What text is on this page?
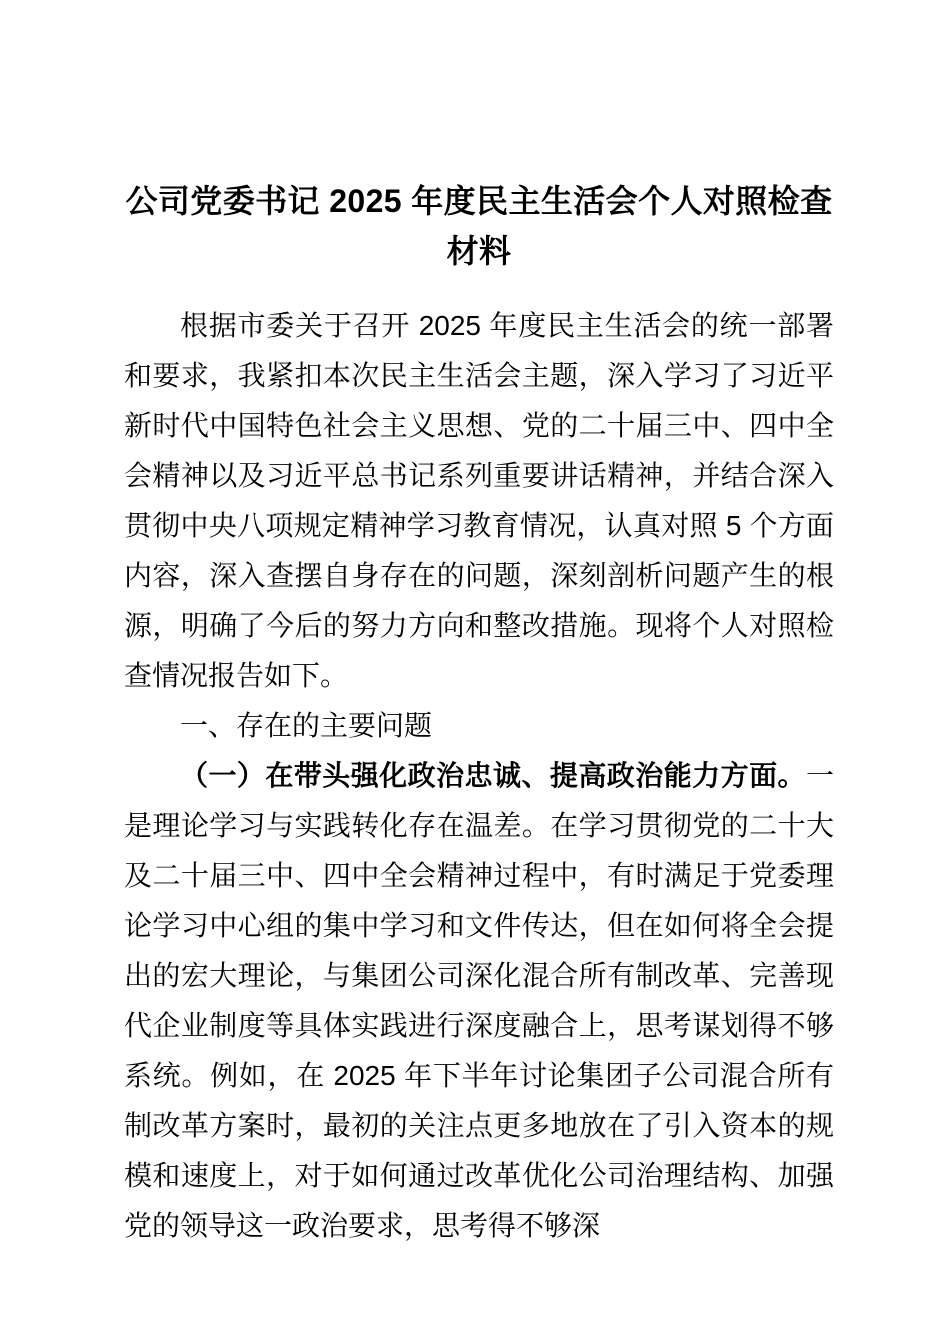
公司党委书记 2025 年度民主生活会个人对照检查材料

根据市委关于召开 2025 年度民主生活会的统一部署和要求，我紧扣本次民主生活会主题，深入学习了习近平新时代中国特色社会主义思想、党的二十届三中、四中全会精神以及习近平总书记系列重要讲话精神，并结合深入贯彻中央八项规定精神学习教育情况，认真对照 5 个方面内容，深入查摆自身存在的问题，深刻剖析问题产生的根源，明确了今后的努力方向和整改措施。现将个人对照检查情况报告如下。

一、存在的主要问题

（一）在带头强化政治忠诚、提高政治能力方面。一是理论学习与实践转化存在温差。在学习贯彻党的二十大及二十届三中、四中全会精神过程中，有时满足于党委理论学习中心组的集中学习和文件传达，但在如何将全会提出的宏大理论，与集团公司深化混合所有制改革、完善现代企业制度等具体实践进行深度融合上，思考谋划得不够系统。例如，在 2025 年下半年讨论集团子公司混合所有制改革方案时，最初的关注点更多地放在了引入资本的规模和速度上，对于如何通过改革优化公司治理结构、加强党的领导这一政治要求，思考得不够深
